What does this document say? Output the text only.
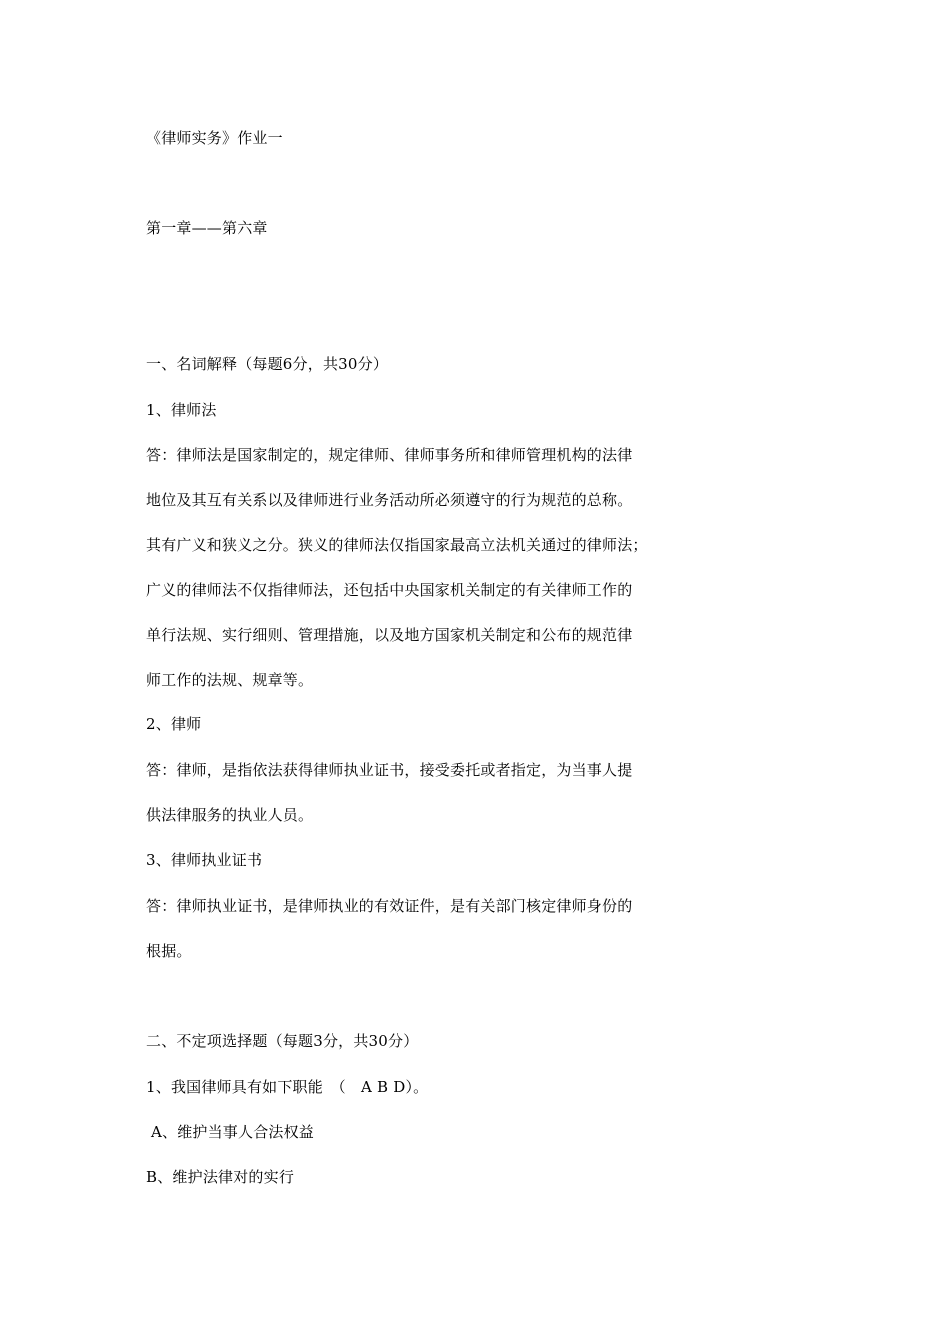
《律师实务》作业一
第一章——第六章
一、名词解释（每题6分，共30分）
1、律师法
答：律师法是国家制定的，规定律师、律师事务所和律师管理机构的法律
地位及其互有关系以及律师进行业务活动所必须遵守的行为规范的总称。
其有广义和狭义之分。狭义的律师法仅指国家最高立法机关通过的律师法；
广义的律师法不仅指律师法，还包括中央国家机关制定的有关律师工作的
单行法规、实行细则、管理措施，以及地方国家机关制定和公布的规范律
师工作的法规、规章等。
2、律师
答：律师，是指依法获得律师执业证书，接受委托或者指定，为当事人提
供法律服务的执业人员。
3、律师执业证书
答：律师执业证书，是律师执业的有效证件，是有关部门核定律师身份的
根据。
二、不定项选择题（每题3分，共30分）
1、我国律师具有如下职能　（　A B D）。
A、维护当事人合法权益
B、维护法律对的实行
